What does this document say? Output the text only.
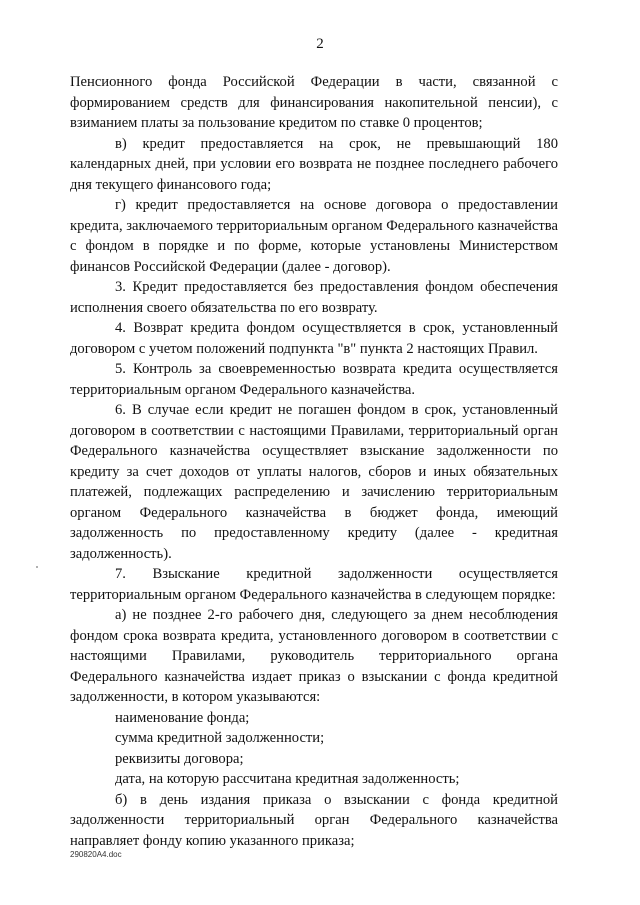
2

Пенсионного фонда Российской Федерации в части, связанной с формированием средств для финансирования накопительной пенсии), с взиманием платы за пользование кредитом по ставке 0 процентов;

в) кредит предоставляется на срок, не превышающий 180 календарных дней, при условии его возврата не позднее последнего рабочего дня текущего финансового года;

г) кредит предоставляется на основе договора о предоставлении кредита, заключаемого территориальным органом Федерального казначейства с фондом в порядке и по форме, которые установлены Министерством финансов Российской Федерации (далее - договор).

3. Кредит предоставляется без предоставления фондом обеспечения исполнения своего обязательства по его возврату.

4. Возврат кредита фондом осуществляется в срок, установленный договором с учетом положений подпункта "в" пункта 2 настоящих Правил.

5. Контроль за своевременностью возврата кредита осуществляется территориальным органом Федерального казначейства.

6. В случае если кредит не погашен фондом в срок, установленный договором в соответствии с настоящими Правилами, территориальный орган Федерального казначейства осуществляет взыскание задолженности по кредиту за счет доходов от уплаты налогов, сборов и иных обязательных платежей, подлежащих распределению и зачислению территориальным органом Федерального казначейства в бюджет фонда, имеющий задолженность по предоставленному кредиту (далее - кредитная задолженность).

7. Взыскание кредитной задолженности осуществляется территориальным органом Федерального казначейства в следующем порядке:

а) не позднее 2-го рабочего дня, следующего за днем несоблюдения фондом срока возврата кредита, установленного договором в соответствии с настоящими Правилами, руководитель территориального органа Федерального казначейства издает приказ о взыскании с фонда кредитной задолженности, в котором указываются:

наименование фонда;

сумма кредитной задолженности;

реквизиты договора;

дата, на которую рассчитана кредитная задолженность;

б) в день издания приказа о взыскании с фонда кредитной задолженности территориальный орган Федерального казначейства направляет фонду копию указанного приказа;

290820А4.doc
